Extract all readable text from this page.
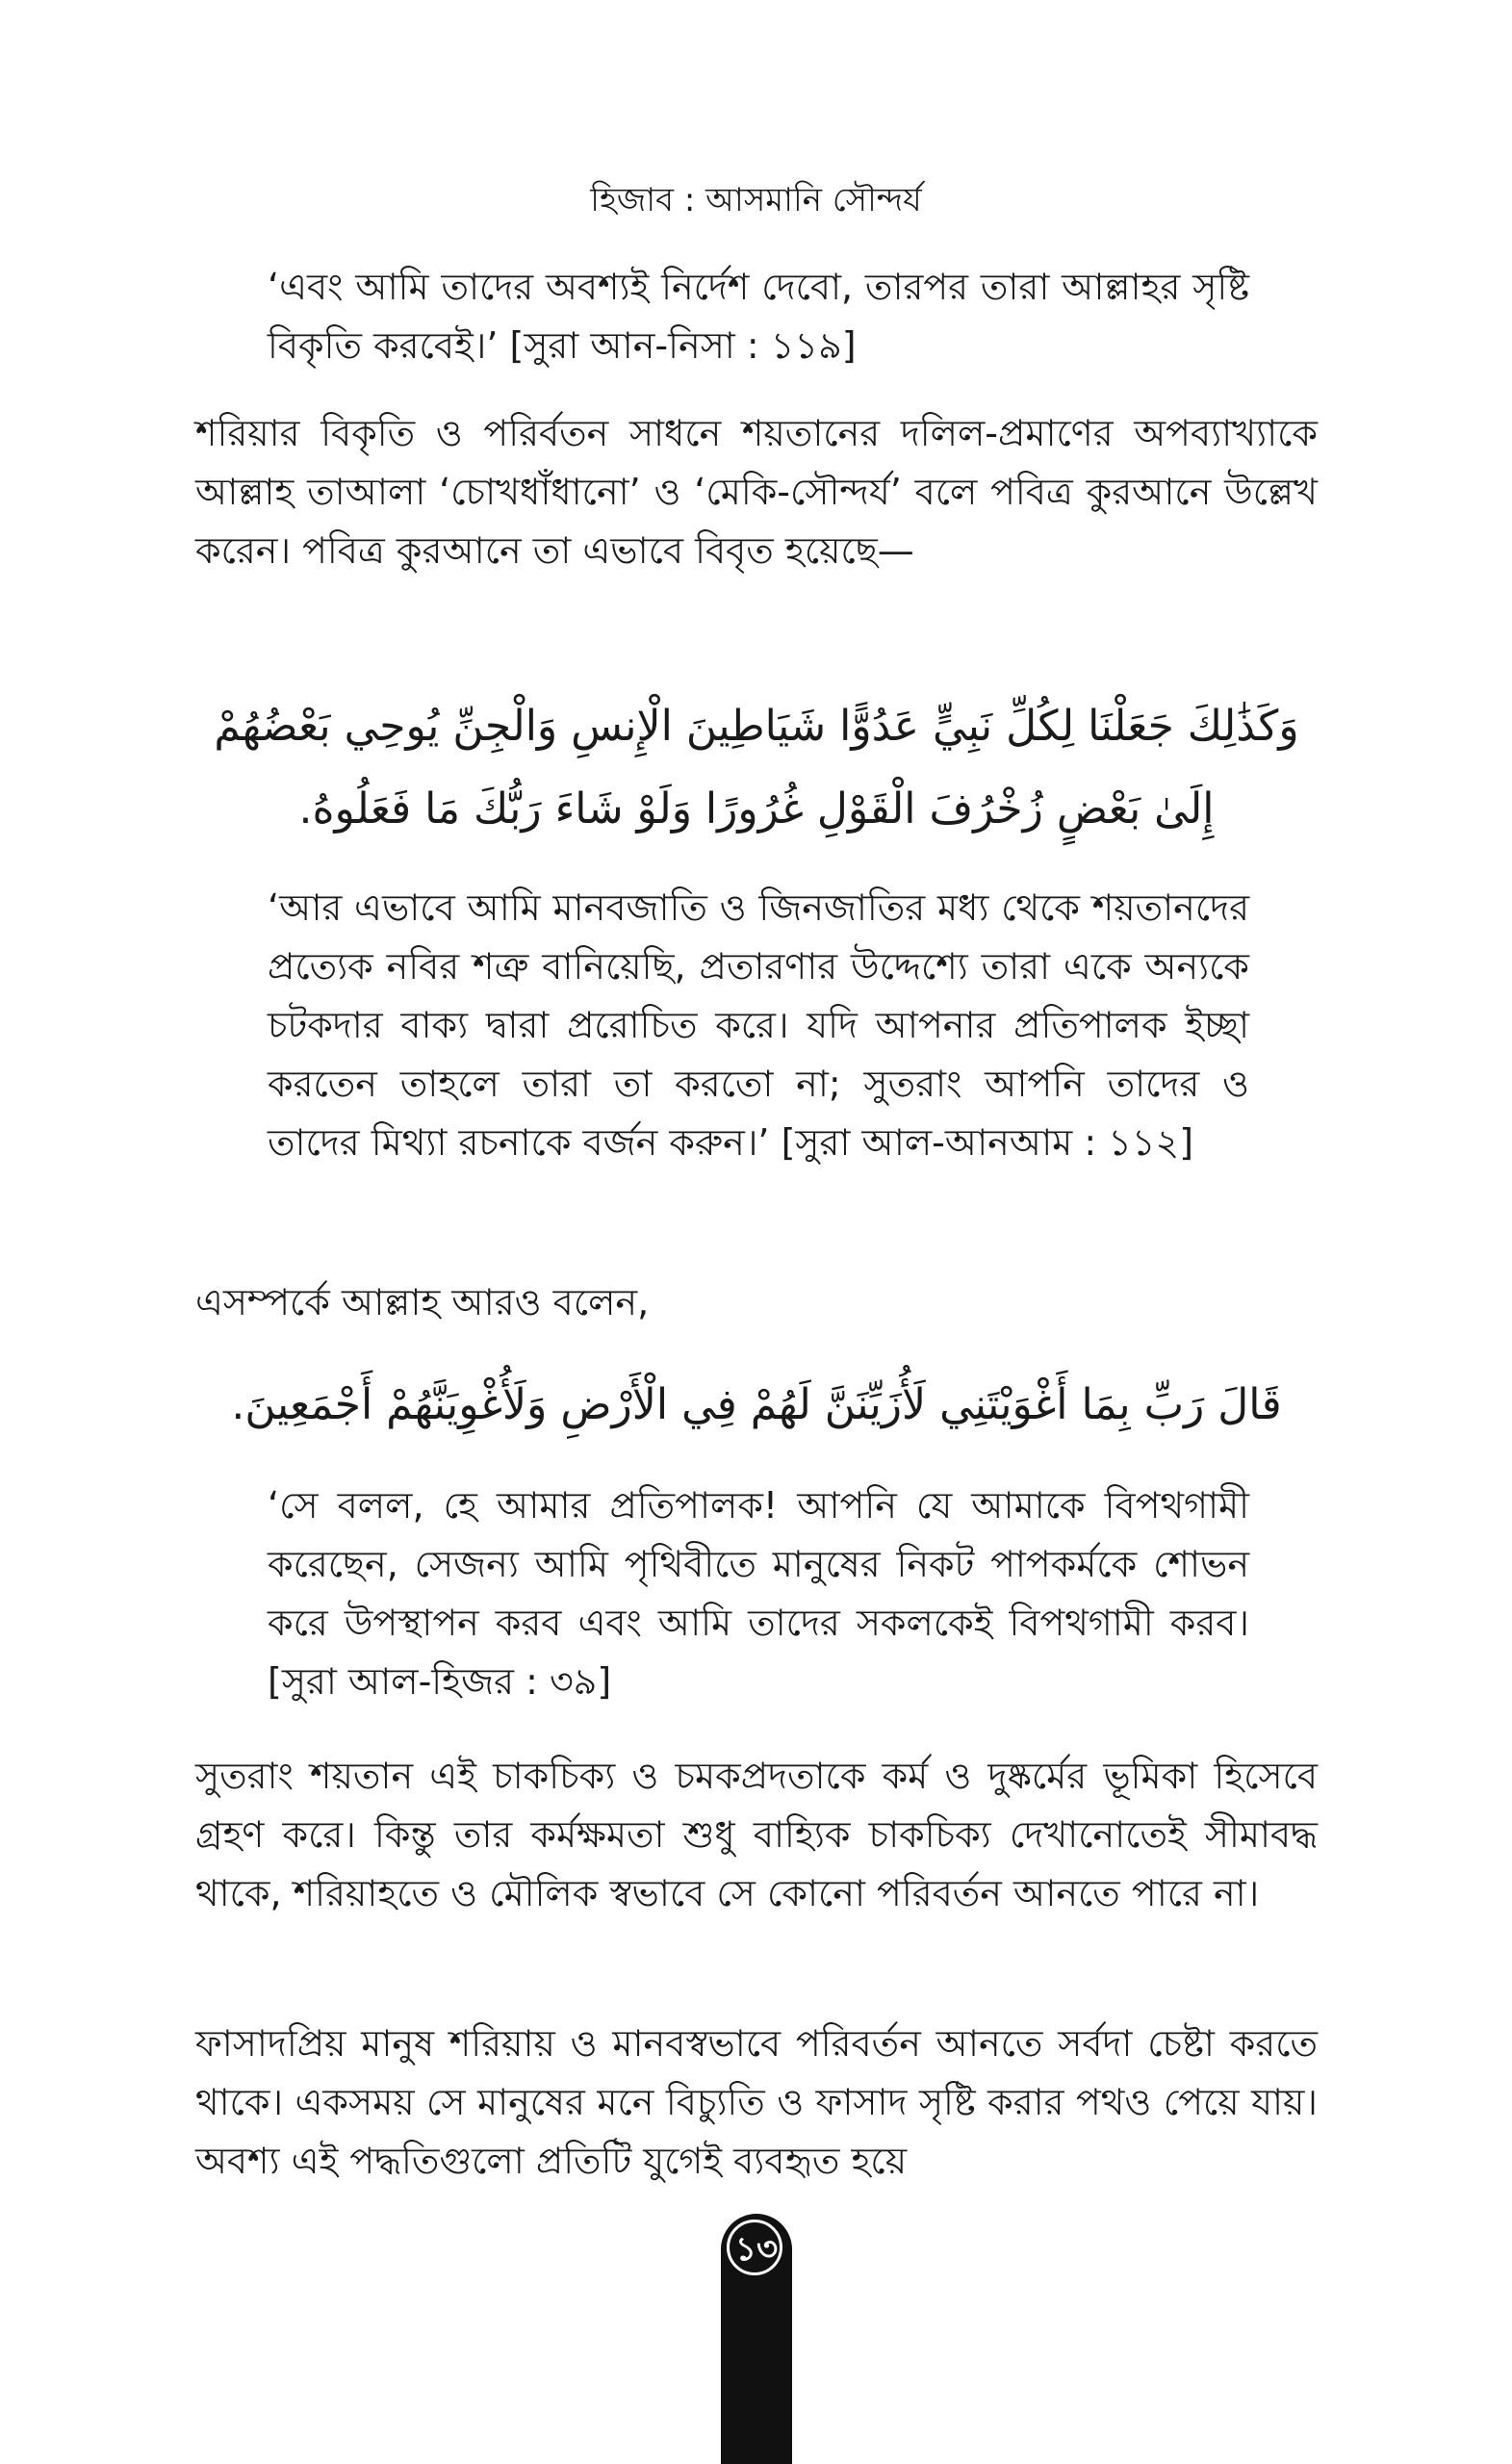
হিজাব : আসমানি সৌন্দর্য

‘এবং আমি তাদের অবশ্যই নির্দেশ দেবো, তারপর তারা আল্লাহর সৃষ্টি বিকৃতি করবেই।’ [সুরা আন-নিসা : ১১৯]

শরিয়ার বিকৃতি ও পরির্বতন সাধনে শয়তানের দলিল-প্রমাণের অপব্যাখ্যাকে আল্লাহ তাআলা ‘চোখধাঁধানো’ ও ‘মেকি-সৌন্দর্য’ বলে পবিত্র কুরআনে উল্লেখ করেন। পবিত্র কুরআনে তা এভাবে বিবৃত হয়েছে—

وَكَذَٰلِكَ جَعَلْنَا لِكُلِّ نَبِيٍّ عَدُوًّا شَيَاطِينَ الْإِنسِ وَالْجِنِّ يُوحِي بَعْضُهُمْ إِلَىٰ بَعْضٍ زُخْرُفَ الْقَوْلِ غُرُورًا وَلَوْ شَاءَ رَبُّكَ مَا فَعَلُوهُ.

‘আর এভাবে আমি মানবজাতি ও জিনজাতির মধ্য থেকে শয়তানদের প্রত্যেক নবির শত্রু বানিয়েছি, প্রতারণার উদ্দেশ্যে তারা একে অন্যকে চটকদার বাক্য দ্বারা প্ররোচিত করে। যদি আপনার প্রতিপালক ইচ্ছা করতেন তাহলে তারা তা করতো না; সুতরাং আপনি তাদের ও তাদের মিথ্যা রচনাকে বর্জন করুন।’ [সুরা আল-আনআম : ১১২]

এসম্পর্কে আল্লাহ আরও বলেন,

قَالَ رَبِّ بِمَا أَغْوَيْتَنِي لَأُزَيِّنَنَّ لَهُمْ فِي الْأَرْضِ وَلَأُغْوِيَنَّهُمْ أَجْمَعِينَ.

‘সে বলল, হে আমার প্রতিপালক! আপনি যে আমাকে বিপথগামী করেছেন, সেজন্য আমি পৃথিবীতে মানুষের নিকট পাপকর্মকে শোভন করে উপস্থাপন করব এবং আমি তাদের সকলকেই বিপথগামী করব। [সুরা আল-হিজর : ৩৯]

সুতরাং শয়তান এই চাকচিক্য ও চমকপ্রদতাকে কর্ম ও দুষ্কর্মের ভূমিকা হিসেবে গ্রহণ করে। কিন্তু তার কর্মক্ষমতা শুধু বাহ্যিক চাকচিক্য দেখানোতেই সীমাবদ্ধ থাকে, শরিয়াহতে ও মৌলিক স্বভাবে সে কোনো পরিবর্তন আনতে পারে না।

ফাসাদপ্রিয় মানুষ শরিয়ায় ও মানবস্বভাবে পরিবর্তন আনতে সর্বদা চেষ্টা করতে থাকে। একসময় সে মানুষের মনে বিচ্যুতি ও ফাসাদ সৃষ্টি করার পথও পেয়ে যায়। অবশ্য এই পদ্ধতিগুলো প্রতিটি যুগেই ব্যবহৃত হয়ে

১৩
